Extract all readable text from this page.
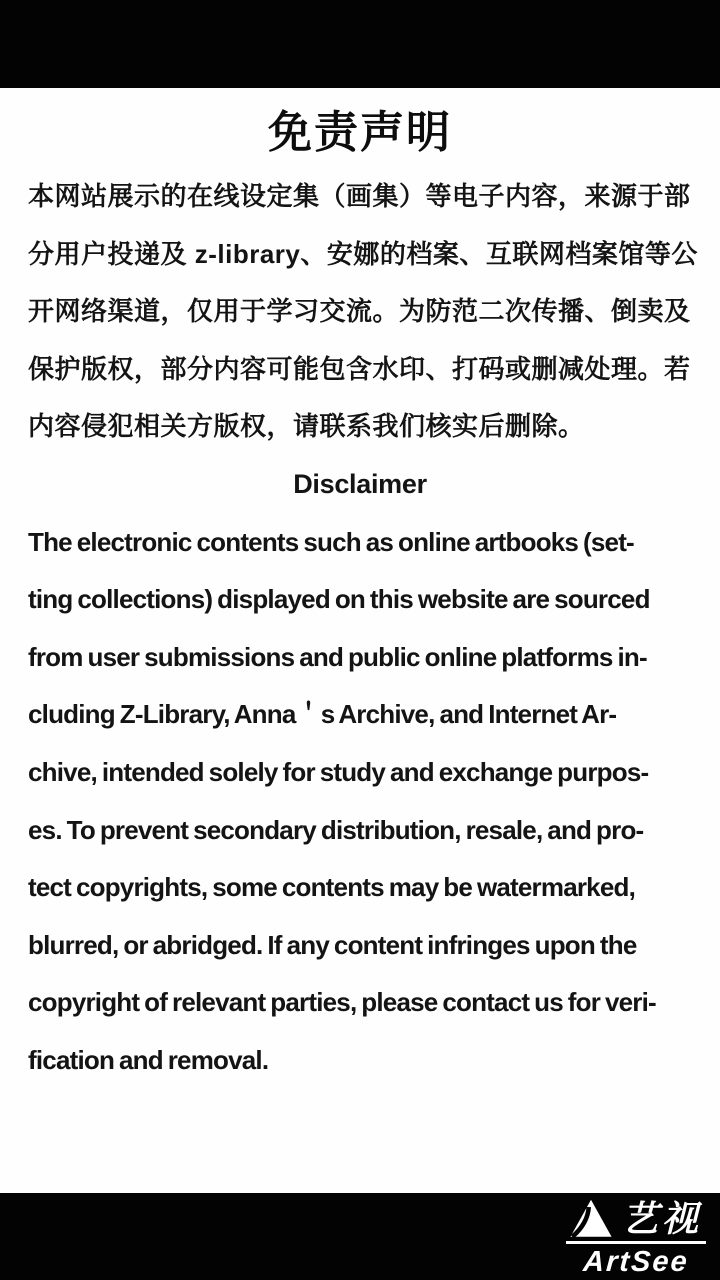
免责声明
本网站展示的在线设定集（画集）等电子内容，来源于部
分用户投递及 z-library、安娜的档案、互联网档案馆等公
开网络渠道，仅用于学习交流。为防范二次传播、倒卖及
保护版权，部分内容可能包含水印、打码或删减处理。若
内容侵犯相关方版权，请联系我们核实后删除。
Disclaimer
The electronic contents such as online artbooks (set-
ting collections) displayed on this website are sourced
from user submissions and public online platforms in-
cluding Z-Library, Anna＇s Archive, and Internet Ar-
chive, intended solely for study and exchange purpos-
es. To prevent secondary distribution, resale, and pro-
tect copyrights, some contents may be watermarked,
blurred, or abridged. If any content infringes upon the
copyright of relevant parties, please contact us for veri-
fication and removal.
艺视
ArtSee
